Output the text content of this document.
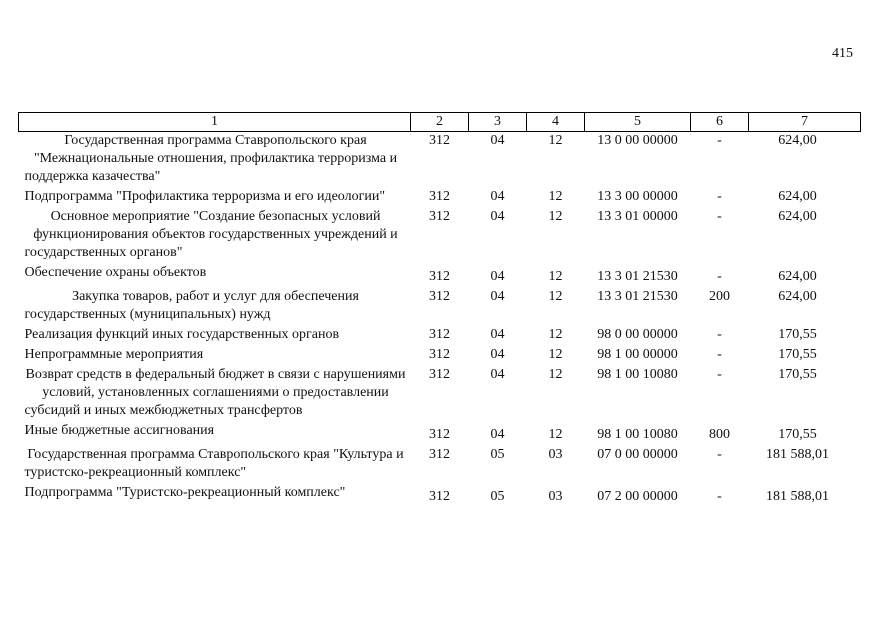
415
1	2	3	4	5	6	7
Государственная программа Ставропольского края "Межнациональные отношения, профилактика терроризма и поддержка казачества"	312	04	12	13 0 00 00000	-	624,00
Подпрограмма "Профилактика терроризма и его идеологии"	312	04	12	13 3 00 00000	-	624,00
Основное мероприятие "Создание безопасных условий функционирования объектов государственных учреждений и государственных органов"	312	04	12	13 3 01 00000	-	624,00
Обеспечение охраны объектов	312	04	12	13 3 01 21530	-	624,00
Закупка товаров, работ и услуг для обеспечения государственных (муниципальных) нужд	312	04	12	13 3 01 21530	200	624,00
Реализация функций иных государственных органов	312	04	12	98 0 00 00000	-	170,55
Непрограммные мероприятия	312	04	12	98 1 00 00000	-	170,55
Возврат средств в федеральный бюджет в связи с нарушениями условий, установленных соглашениями о предоставлении субсидий и иных межбюджетных трансфертов	312	04	12	98 1 00 10080	-	170,55
Иные бюджетные ассигнования	312	04	12	98 1 00 10080	800	170,55
Государственная программа Ставропольского края "Культура и туристско-рекреационный комплекс"	312	05	03	07 0 00 00000	-	181 588,01
Подпрограмма "Туристско-рекреационный комплекс"	312	05	03	07 2 00 00000	-	181 588,01
